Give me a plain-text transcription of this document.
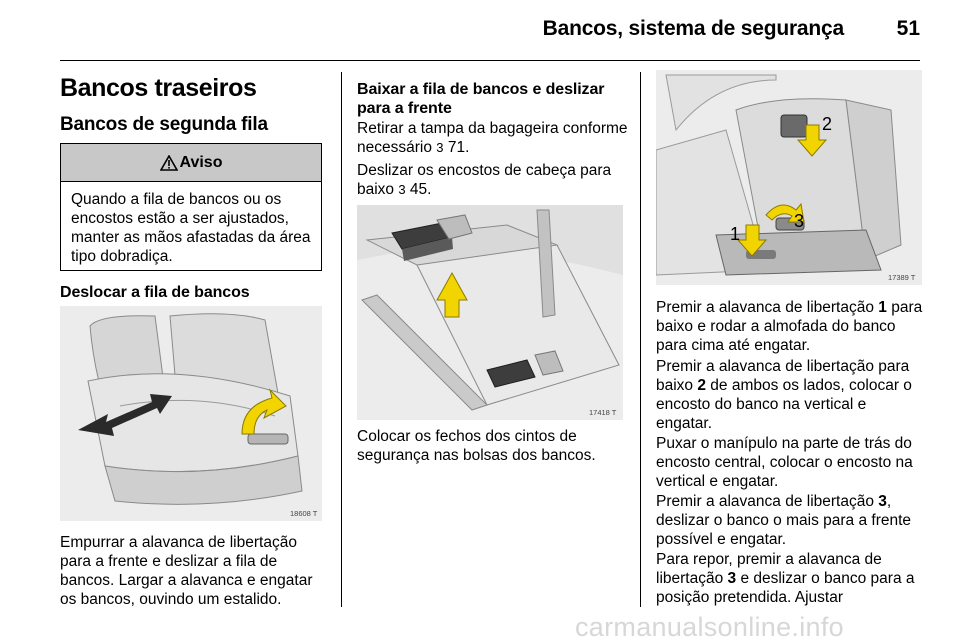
Bancos, sistema de segurança	51
Bancos traseiros
Bancos de segunda fila
Aviso
Quando a fila de bancos ou os encostos estão a ser ajustados, manter as mãos afastadas da área tipo dobradiça.
Deslocar a fila de bancos
18608 T

Empurrar a alavanca de libertação para a frente e deslizar a fila de bancos. Largar a alavanca e engatar os bancos, ouvindo um estalido.

Baixar a fila de bancos e deslizar para a frente

Retirar a tampa da bagageira conforme necessário 3 71.

Deslizar os encostos de cabeça para baixo 3 45.

17418 T

Colocar os fechos dos cintos de segurança nas bolsas dos bancos.

2
3
1
17389 T

Premir a alavanca de libertação 1 para baixo e rodar a almofada do banco para cima até engatar.

Premir a alavanca de libertação para baixo 2 de ambos os lados, colocar o encosto do banco na vertical e engatar.

Puxar o manípulo na parte de trás do encosto central, colocar o encosto na vertical e engatar.

Premir a alavanca de libertação 3, deslizar o banco o mais para a frente possível e engatar.

Para repor, premir a alavanca de libertação 3 e deslizar o banco para a posição pretendida. Ajustar

carmanualsonline.info
